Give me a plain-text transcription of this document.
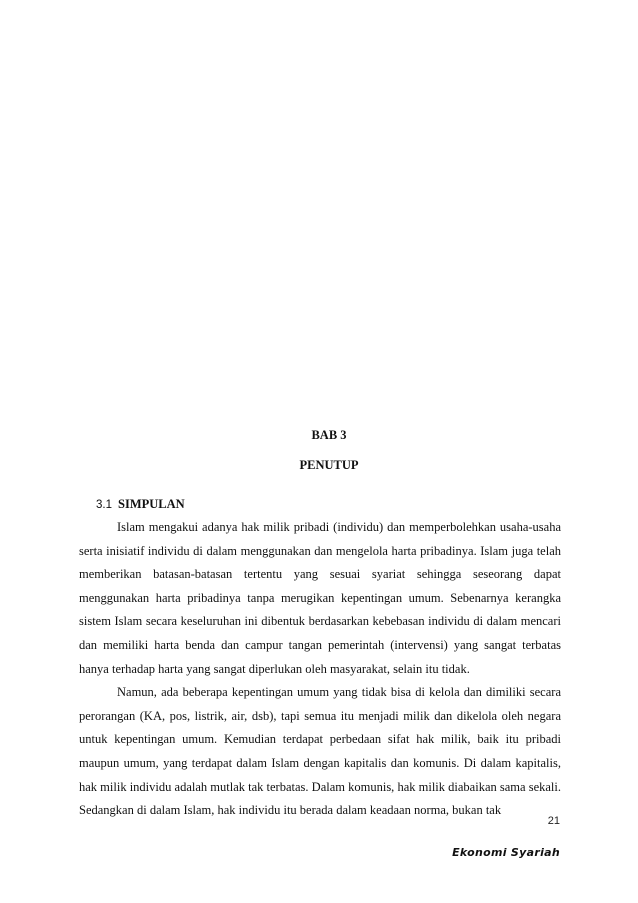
BAB 3
PENUTUP
3.1 SIMPULAN

Islam mengakui adanya hak milik pribadi (individu) dan memperbolehkan usaha-usaha serta inisiatif individu di dalam menggunakan dan mengelola harta pribadinya. Islam juga telah memberikan batasan-batasan tertentu yang sesuai syariat sehingga seseorang dapat menggunakan harta pribadinya tanpa merugikan kepentingan umum. Sebenarnya kerangka sistem Islam secara keseluruhan ini dibentuk berdasarkan kebebasan individu di dalam mencari dan memiliki harta benda dan campur tangan pemerintah (intervensi) yang sangat terbatas hanya terhadap harta yang sangat diperlukan oleh masyarakat, selain itu tidak.

Namun, ada beberapa kepentingan umum yang tidak bisa di kelola dan dimiliki secara perorangan (KA, pos, listrik, air, dsb), tapi semua itu menjadi milik dan dikelola oleh negara untuk kepentingan umum. Kemudian terdapat perbedaan sifat hak milik, baik itu pribadi maupun umum, yang terdapat dalam Islam dengan kapitalis dan komunis. Di dalam kapitalis, hak milik individu adalah mutlak tak terbatas. Dalam komunis, hak milik diabaikan sama sekali. Sedangkan di dalam Islam, hak individu itu berada dalam keadaan norma, bukan tak

21
Ekonomi Syariah
